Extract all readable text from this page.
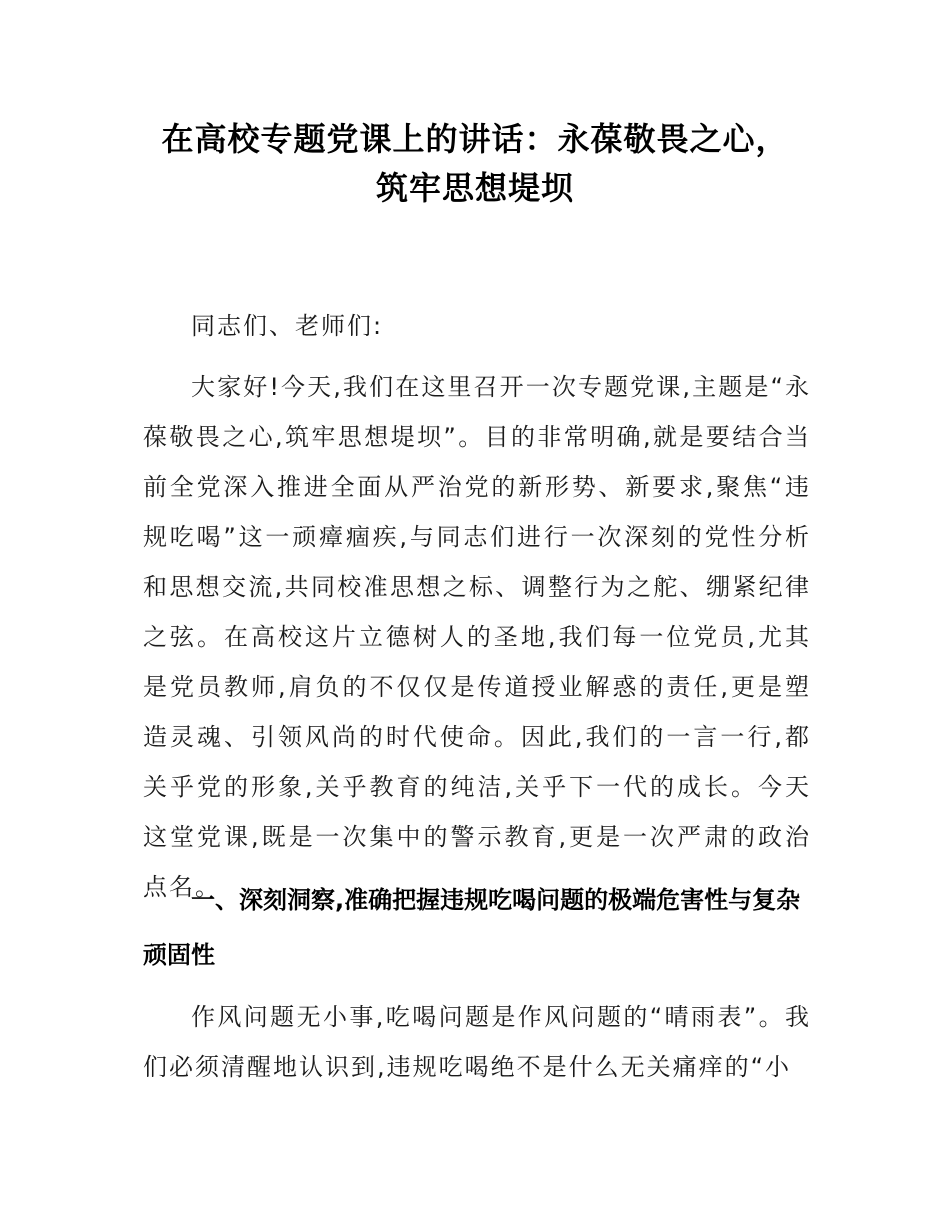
在高校专题党课上的讲话：永葆敬畏之心，
筑牢思想堤坝

同志们、老师们:

大家好!今天,我们在这里召开一次专题党课,主题是“永葆敬畏之心,筑牢思想堤坝”。目的非常明确,就是要结合当前全党深入推进全面从严治党的新形势、新要求,聚焦“违规吃喝”这一顽瘴痼疾,与同志们进行一次深刻的党性分析和思想交流,共同校准思想之标、调整行为之舵、绷紧纪律之弦。在高校这片立德树人的圣地,我们每一位党员,尤其是党员教师,肩负的不仅仅是传道授业解惑的责任,更是塑造灵魂、引领风尚的时代使命。因此,我们的一言一行,都关乎党的形象,关乎教育的纯洁,关乎下一代的成长。今天这堂党课,既是一次集中的警示教育,更是一次严肃的政治点名。

一、深刻洞察,准确把握违规吃喝问题的极端危害性与复杂顽固性

作风问题无小事,吃喝问题是作风问题的“晴雨表”。我们必须清醒地认识到,违规吃喝绝不是什么无关痛痒的“小
